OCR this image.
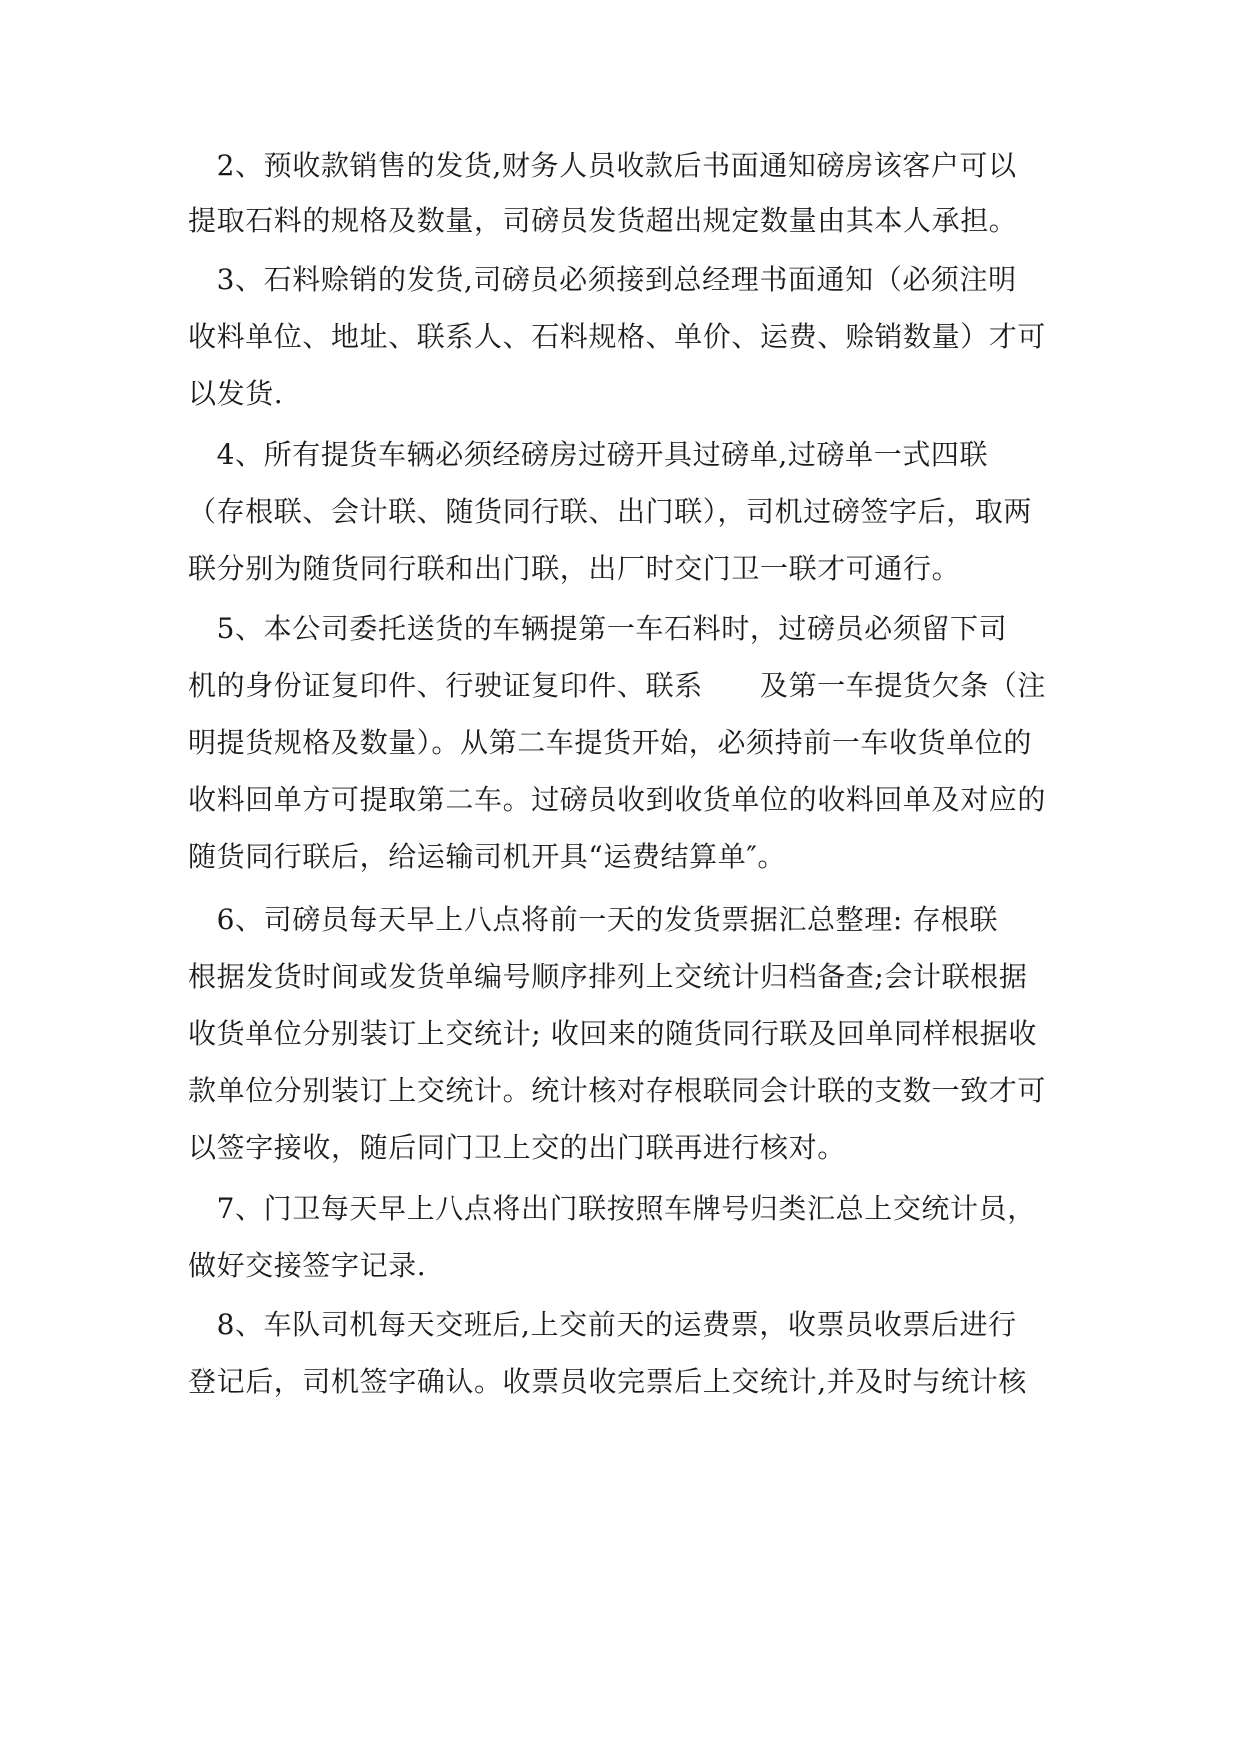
　2、预收款销售的发货,财务人员收款后书面通知磅房该客户可以
提取石料的规格及数量，司磅员发货超出规定数量由其本人承担。
　3、石料赊销的发货,司磅员必须接到总经理书面通知（必须注明
收料单位、地址、联系人、石料规格、单价、运费、赊销数量）才可
以发货.
　4、所有提货车辆必须经磅房过磅开具过磅单,过磅单一式四联
（存根联、会计联、随货同行联、出门联），司机过磅签字后，取两
联分别为随货同行联和出门联，出厂时交门卫一联才可通行。
　5、本公司委托送货的车辆提第一车石料时，过磅员必须留下司
机的身份证复印件、行驶证复印件、联系　　及第一车提货欠条（注
明提货规格及数量）。从第二车提货开始，必须持前一车收货单位的
收料回单方可提取第二车。过磅员收到收货单位的收料回单及对应的
随货同行联后，给运输司机开具“运费结算单″。
　6、司磅员每天早上八点将前一天的发货票据汇总整理: 存根联
根据发货时间或发货单编号顺序排列上交统计归档备查;会计联根据
收货单位分别装订上交统计; 收回来的随货同行联及回单同样根据收
款单位分别装订上交统计。统计核对存根联同会计联的支数一致才可
以签字接收，随后同门卫上交的出门联再进行核对。
　7、门卫每天早上八点将出门联按照车牌号归类汇总上交统计员，
做好交接签字记录.
　8、车队司机每天交班后,上交前天的运费票，收票员收票后进行
登记后，司机签字确认。收票员收完票后上交统计,并及时与统计核
